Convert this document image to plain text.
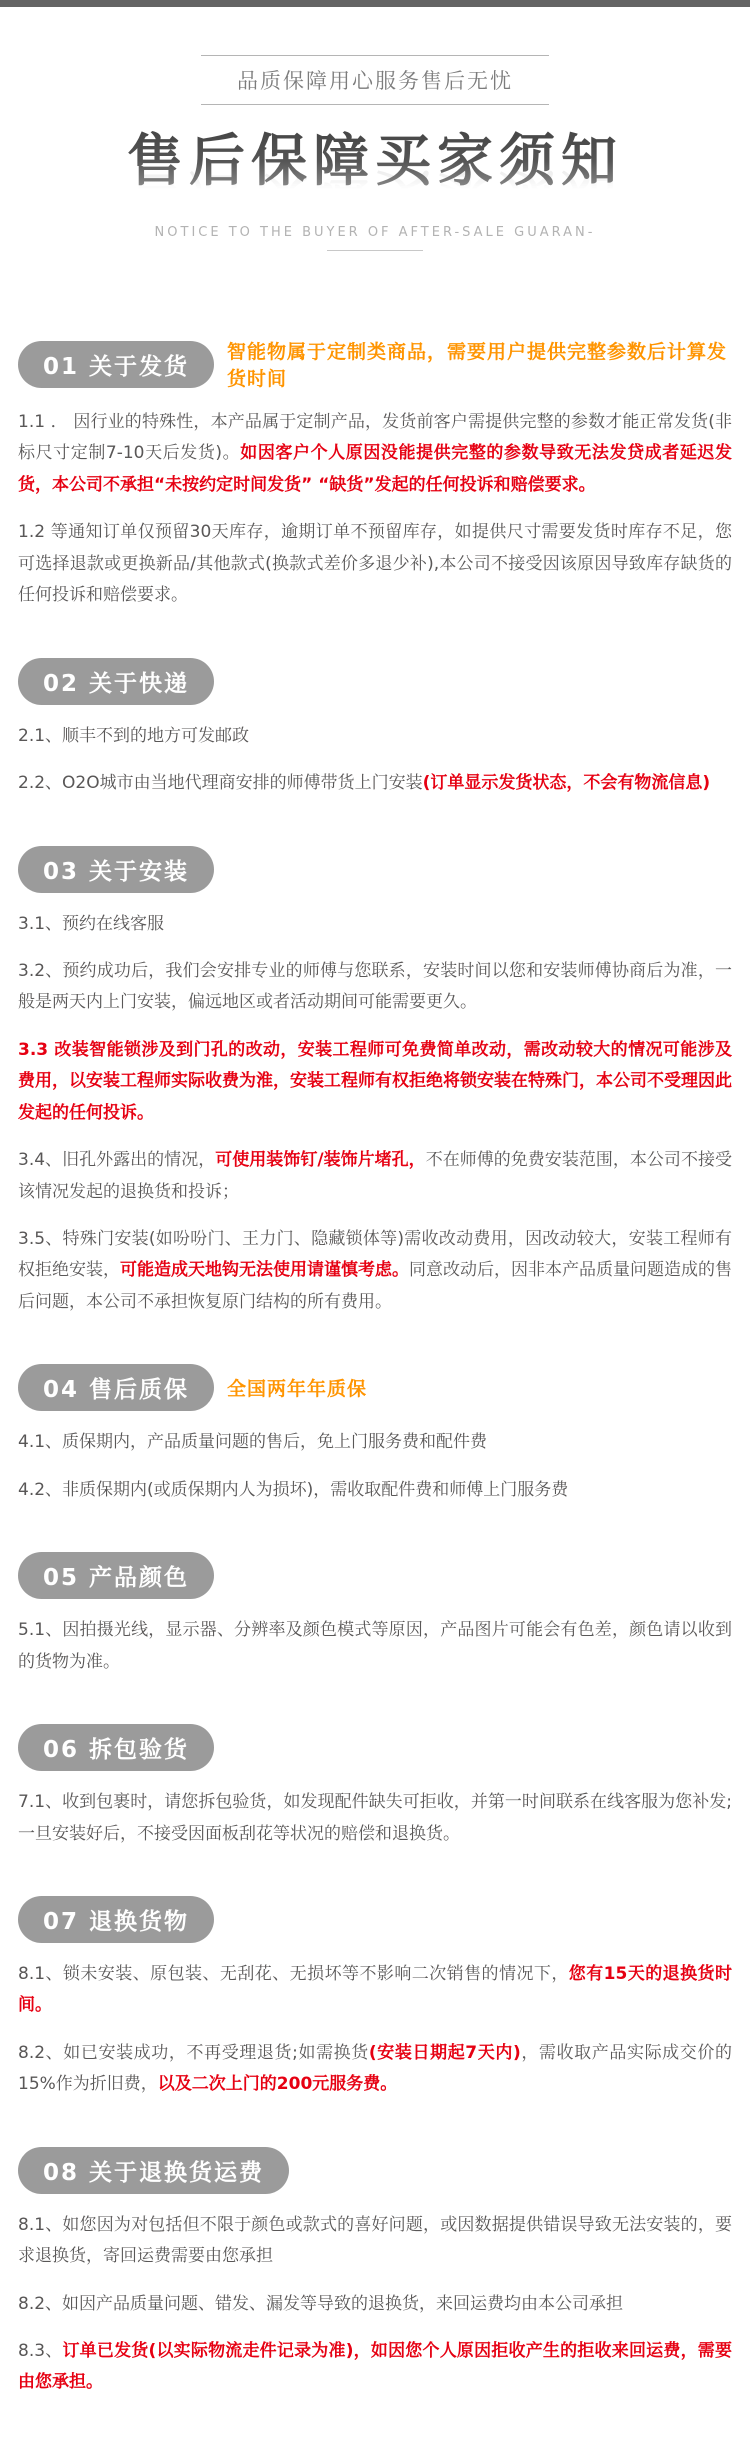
品质保障用心服务售后无忧
售后保障买家须知
NOTICE TO THE BUYER OF AFTER-SALE GUARAN-
01 关于发货
智能物属于定制类商品，需要用户提供完整参数后计算发货时间

1.1 ． 因行业的特殊性，本产品属于定制产品，发货前客户需提供完整的参数才能正常发货(非标尺寸定制7-10天后发货)。如因客户个人原因没能提供完整的参数导致无法发贷成者延迟发货，本公司不承担“未按约定时间发货” “缺货”发起的任何投诉和赔偿要求。

1.2 等通知订单仅预留30天库存，逾期订单不预留库存，如提供尺寸需要发货时库存不足，您可选择退款或更换新品/其他款式(换款式差价多退少补),本公司不接受因该原因导致库存缺货的任何投诉和赔偿要求。

02 关于快递

2.1、顺丰不到的地方可发邮政

2.2、O2O城市由当地代理商安排的师傅带货上门安装(订单显示发货状态，不会有物流信息)

03 关于安装

3.1、预约在线客服

3.2、预约成功后，我们会安排专业的师傅与您联系，安装时间以您和安装师傅协商后为准，一般是两天内上门安装，偏远地区或者活动期间可能需要更久。

3.3 改装智能锁涉及到门孔的改动，安装工程师可免费简单改动，需改动较大的情况可能涉及费用，以安装工程师实际收费为淮，安装工程师有权拒绝将锁安装在特殊门，本公司不受理因此发起的任何投诉。

3.4、旧孔外露出的情况，可使用装饰钉/装饰片堵孔，不在师傅的免费安装范围，本公司不接受该情况发起的退换货和投诉；

3.5、特殊门安装(如吩吩门、王力门、隐藏锁体等)需收改动费用，因改动较大，安装工程师有权拒绝安装，可能造成天地钩无法使用请谨慎考虑。同意改动后，因非本产品质量问题造成的售后问题，本公司不承担恢复原门结构的所有费用。

04 售后质保	全国两年年质保

4.1、质保期内，产品质量问题的售后，免上门服务费和配件费

4.2、非质保期内(或质保期内人为损坏)，需收取配件费和师傅上门服务费

05 产品颜色

5.1、因拍摄光线，显示器、分辨率及颜色模式等原因，产品图片可能会有色差，颜色请以收到的货物为准。

06 拆包验货

7.1、收到包裹时，请您拆包验货，如发现配件缺失可拒收，并第一时间联系在线客服为您补发;一旦安装好后，不接受因面板刮花等状况的赔偿和退换货。

07 退换货物

8.1、锁未安装、原包装、无刮花、无损坏等不影响二次销售的情况下，您有15天的退换货时间。

8.2、如已安装成功，不再受理退货;如需换货(安装日期起7天内)，需收取产品实际成交价的15%作为折旧费，以及二次上门的200元服务费。

08 关于退换货运费

8.1、如您因为对包括但不限于颜色或款式的喜好问题，或因数据提供错误导致无法安装的，要求退换货，寄回运费需要由您承担

8.2、如因产品质量问题、错发、漏发等导致的退换货，来回运费均由本公司承担

8.3、订单已发货(以实际物流走件记录为准)，如因您个人原因拒收产生的拒收来回运费，需要由您承担。
